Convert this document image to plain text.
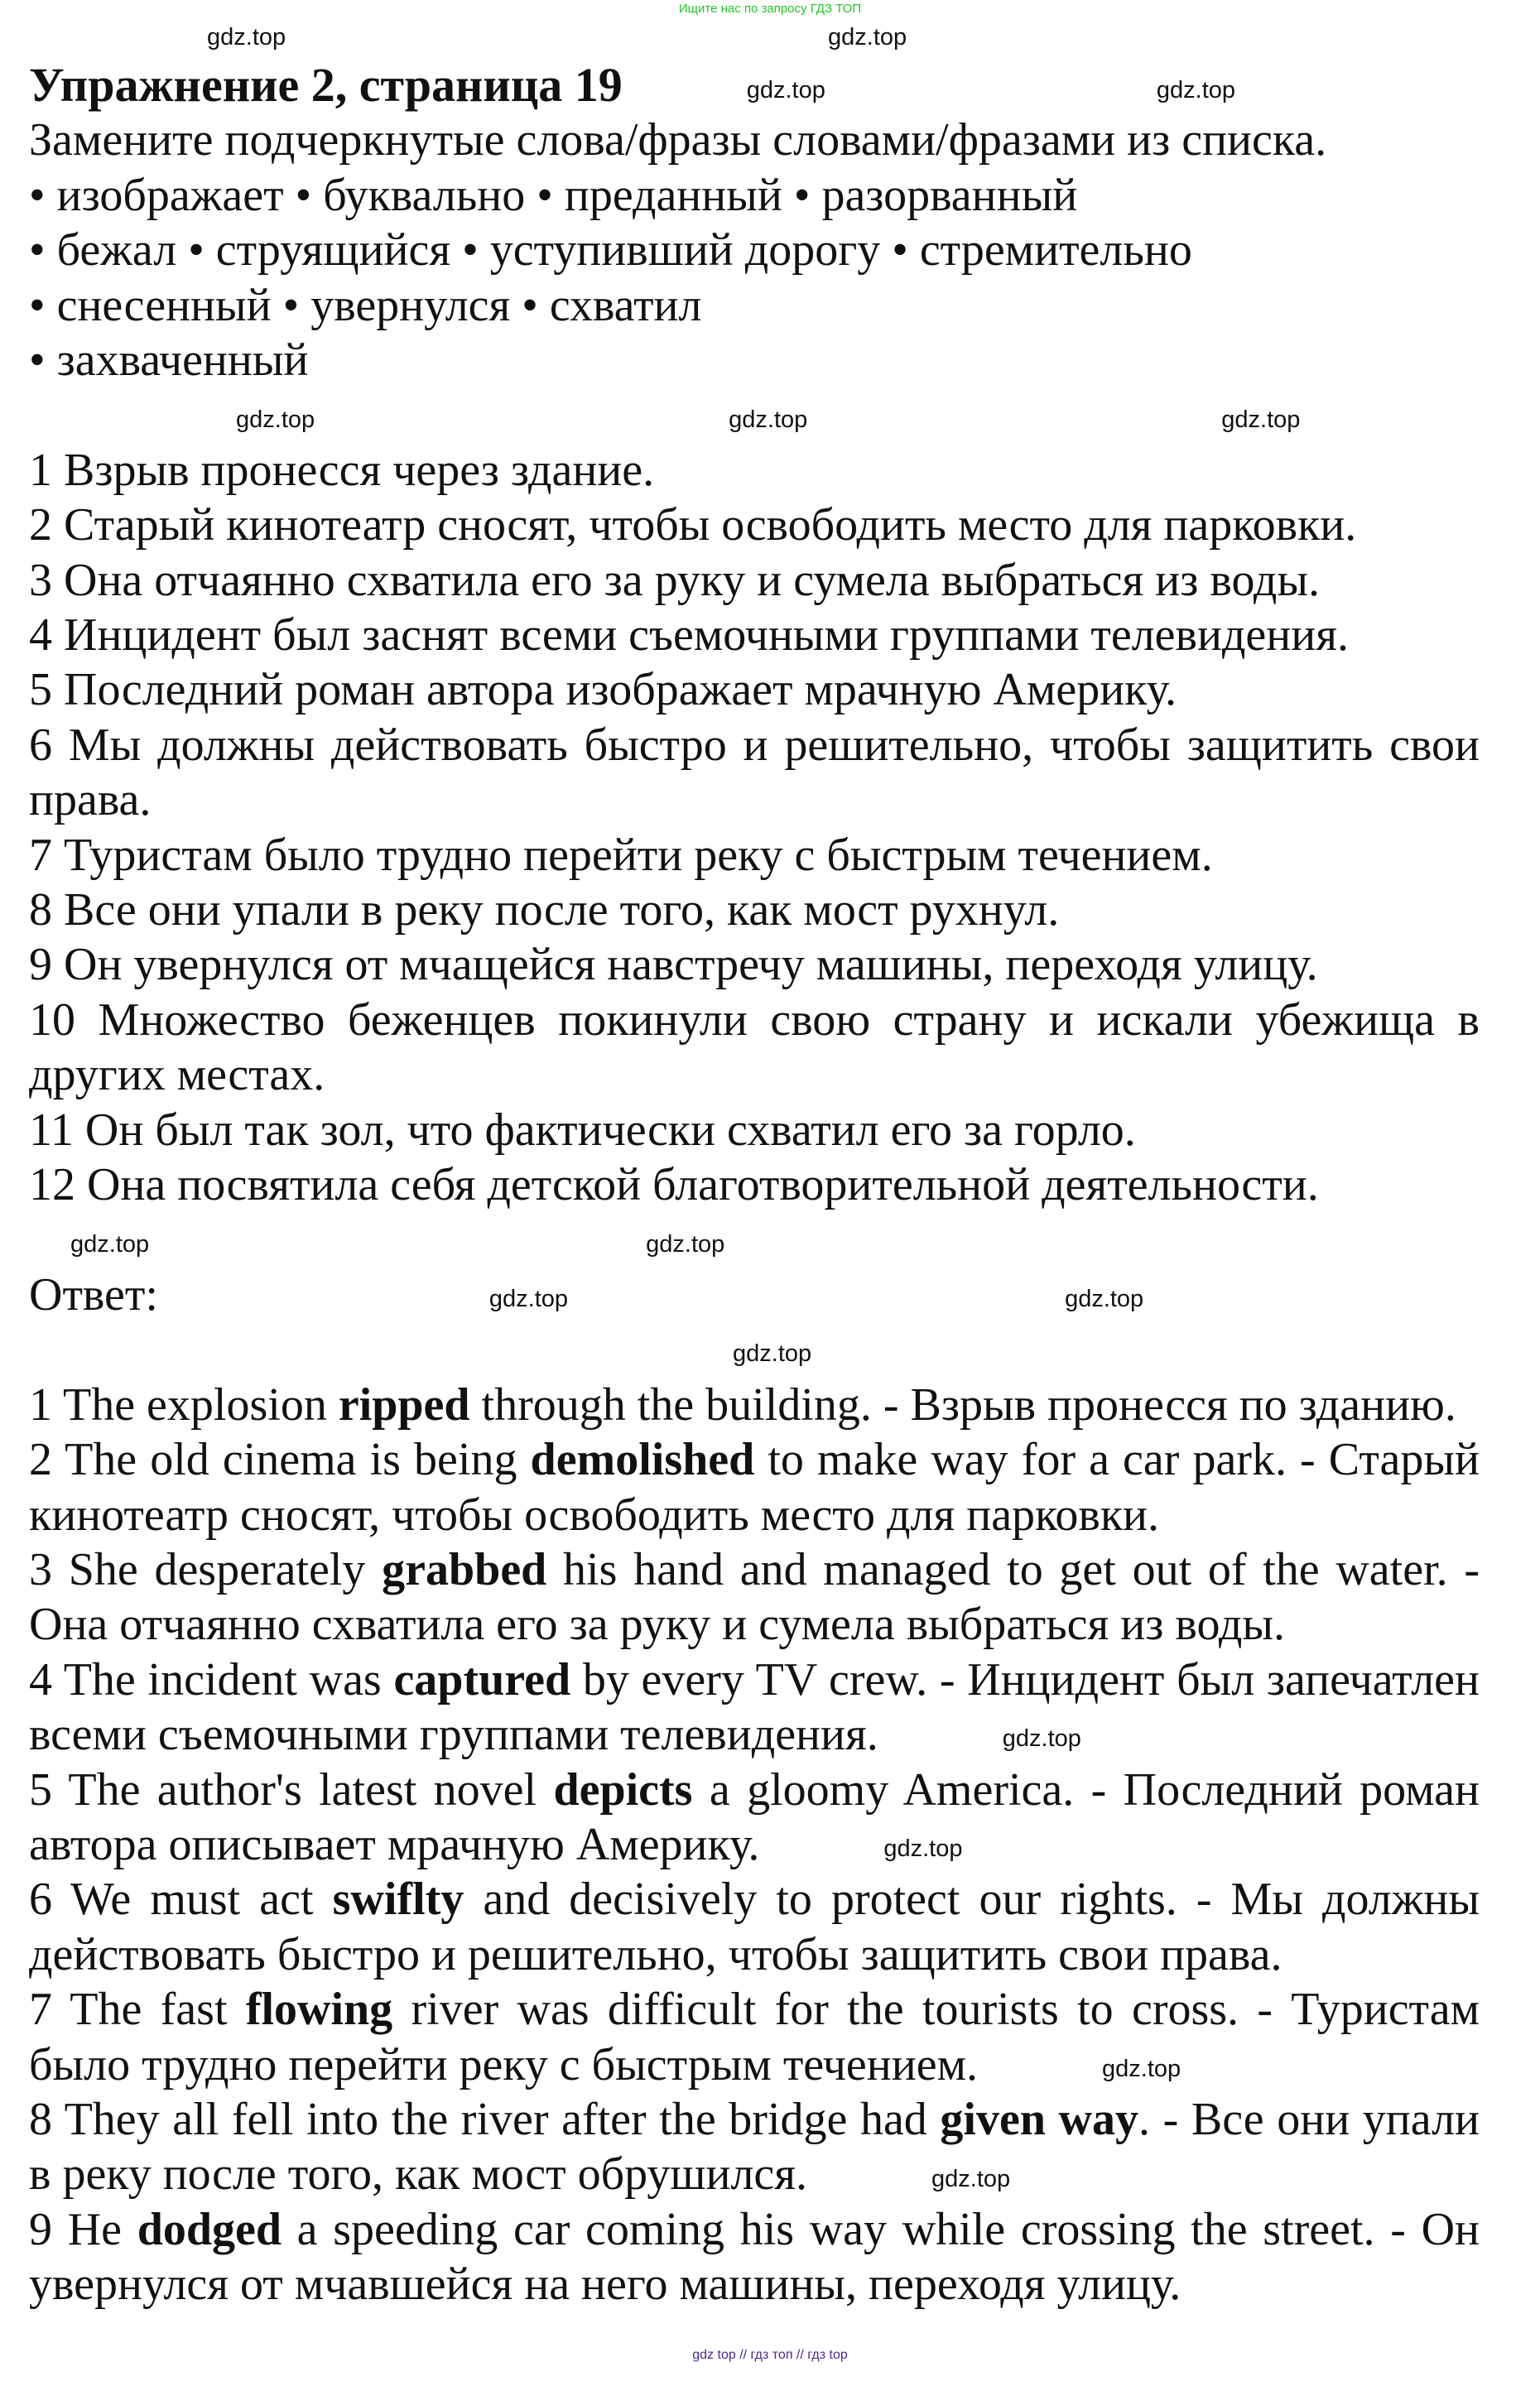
Ищите нас по запросу ГДЗ ТОП
Упражнение 2, страница 19	gdz.top	gdz.top
Замените подчеркнутые слова/фразы словами/фразами из списка.
• изображает • буквально • преданный • разорванный
• бежал • струящийся • уступивший дорогу • стремительно
• снесенный • увернулся • схватил
• захваченный
gdz.top	gdz.top	gdz.top
1 Взрыв пронесся через здание.
2 Старый кинотеатр сносят, чтобы освободить место для парковки.
3 Она отчаянно схватила его за руку и сумела выбраться из воды.
4 Инцидент был заснят всеми съемочными группами телевидения.
5 Последний роман автора изображает мрачную Америку.
6 Мы должны действовать быстро и решительно, чтобы защитить свои права.
7 Туристам было трудно перейти реку с быстрым течением.
8 Все они упали в реку после того, как мост рухнул.
9 Он увернулся от мчащейся навстречу машины, переходя улицу.
10 Множество беженцев покинули свою страну и искали убежища в других местах.
11 Он был так зол, что фактически схватил его за горло.
12 Она посвятила себя детской благотворительной деятельности.
gdz.top	gdz.top
Ответ:	gdz.top	gdz.top
gdz.top
1 The explosion ripped through the building. - Взрыв пронесся по зданию.
2 The old cinema is being demolished to make way for a car park. - Старый кинотеатр сносят, чтобы освободить место для парковки.
3 She desperately grabbed his hand and managed to get out of the water. - Она отчаянно схватила его за руку и сумела выбраться из воды.
4 The incident was captured by every TV crew. - Инцидент был запечатлен всеми съемочными группами телевидения.	gdz.top
5 The author's latest novel depicts a gloomy America. - Последний роман автора описывает мрачную Америку.	gdz.top
6 We must act swiflty and decisively to protect our rights. - Мы должны действовать быстро и решительно, чтобы защитить свои права.
7 The fast flowing river was difficult for the tourists to cross. - Туристам было трудно перейти реку с быстрым течением.	gdz.top
8 They all fell into the river after the bridge had given way. - Все они упали в реку после того, как мост обрушился.	gdz.top
9 He dodged a speeding car coming his way while crossing the street. - Он увернулся от мчавшейся на него машины, переходя улицу.
gdz top // гдз топ // гдз top
gdz.top	gdz.top
